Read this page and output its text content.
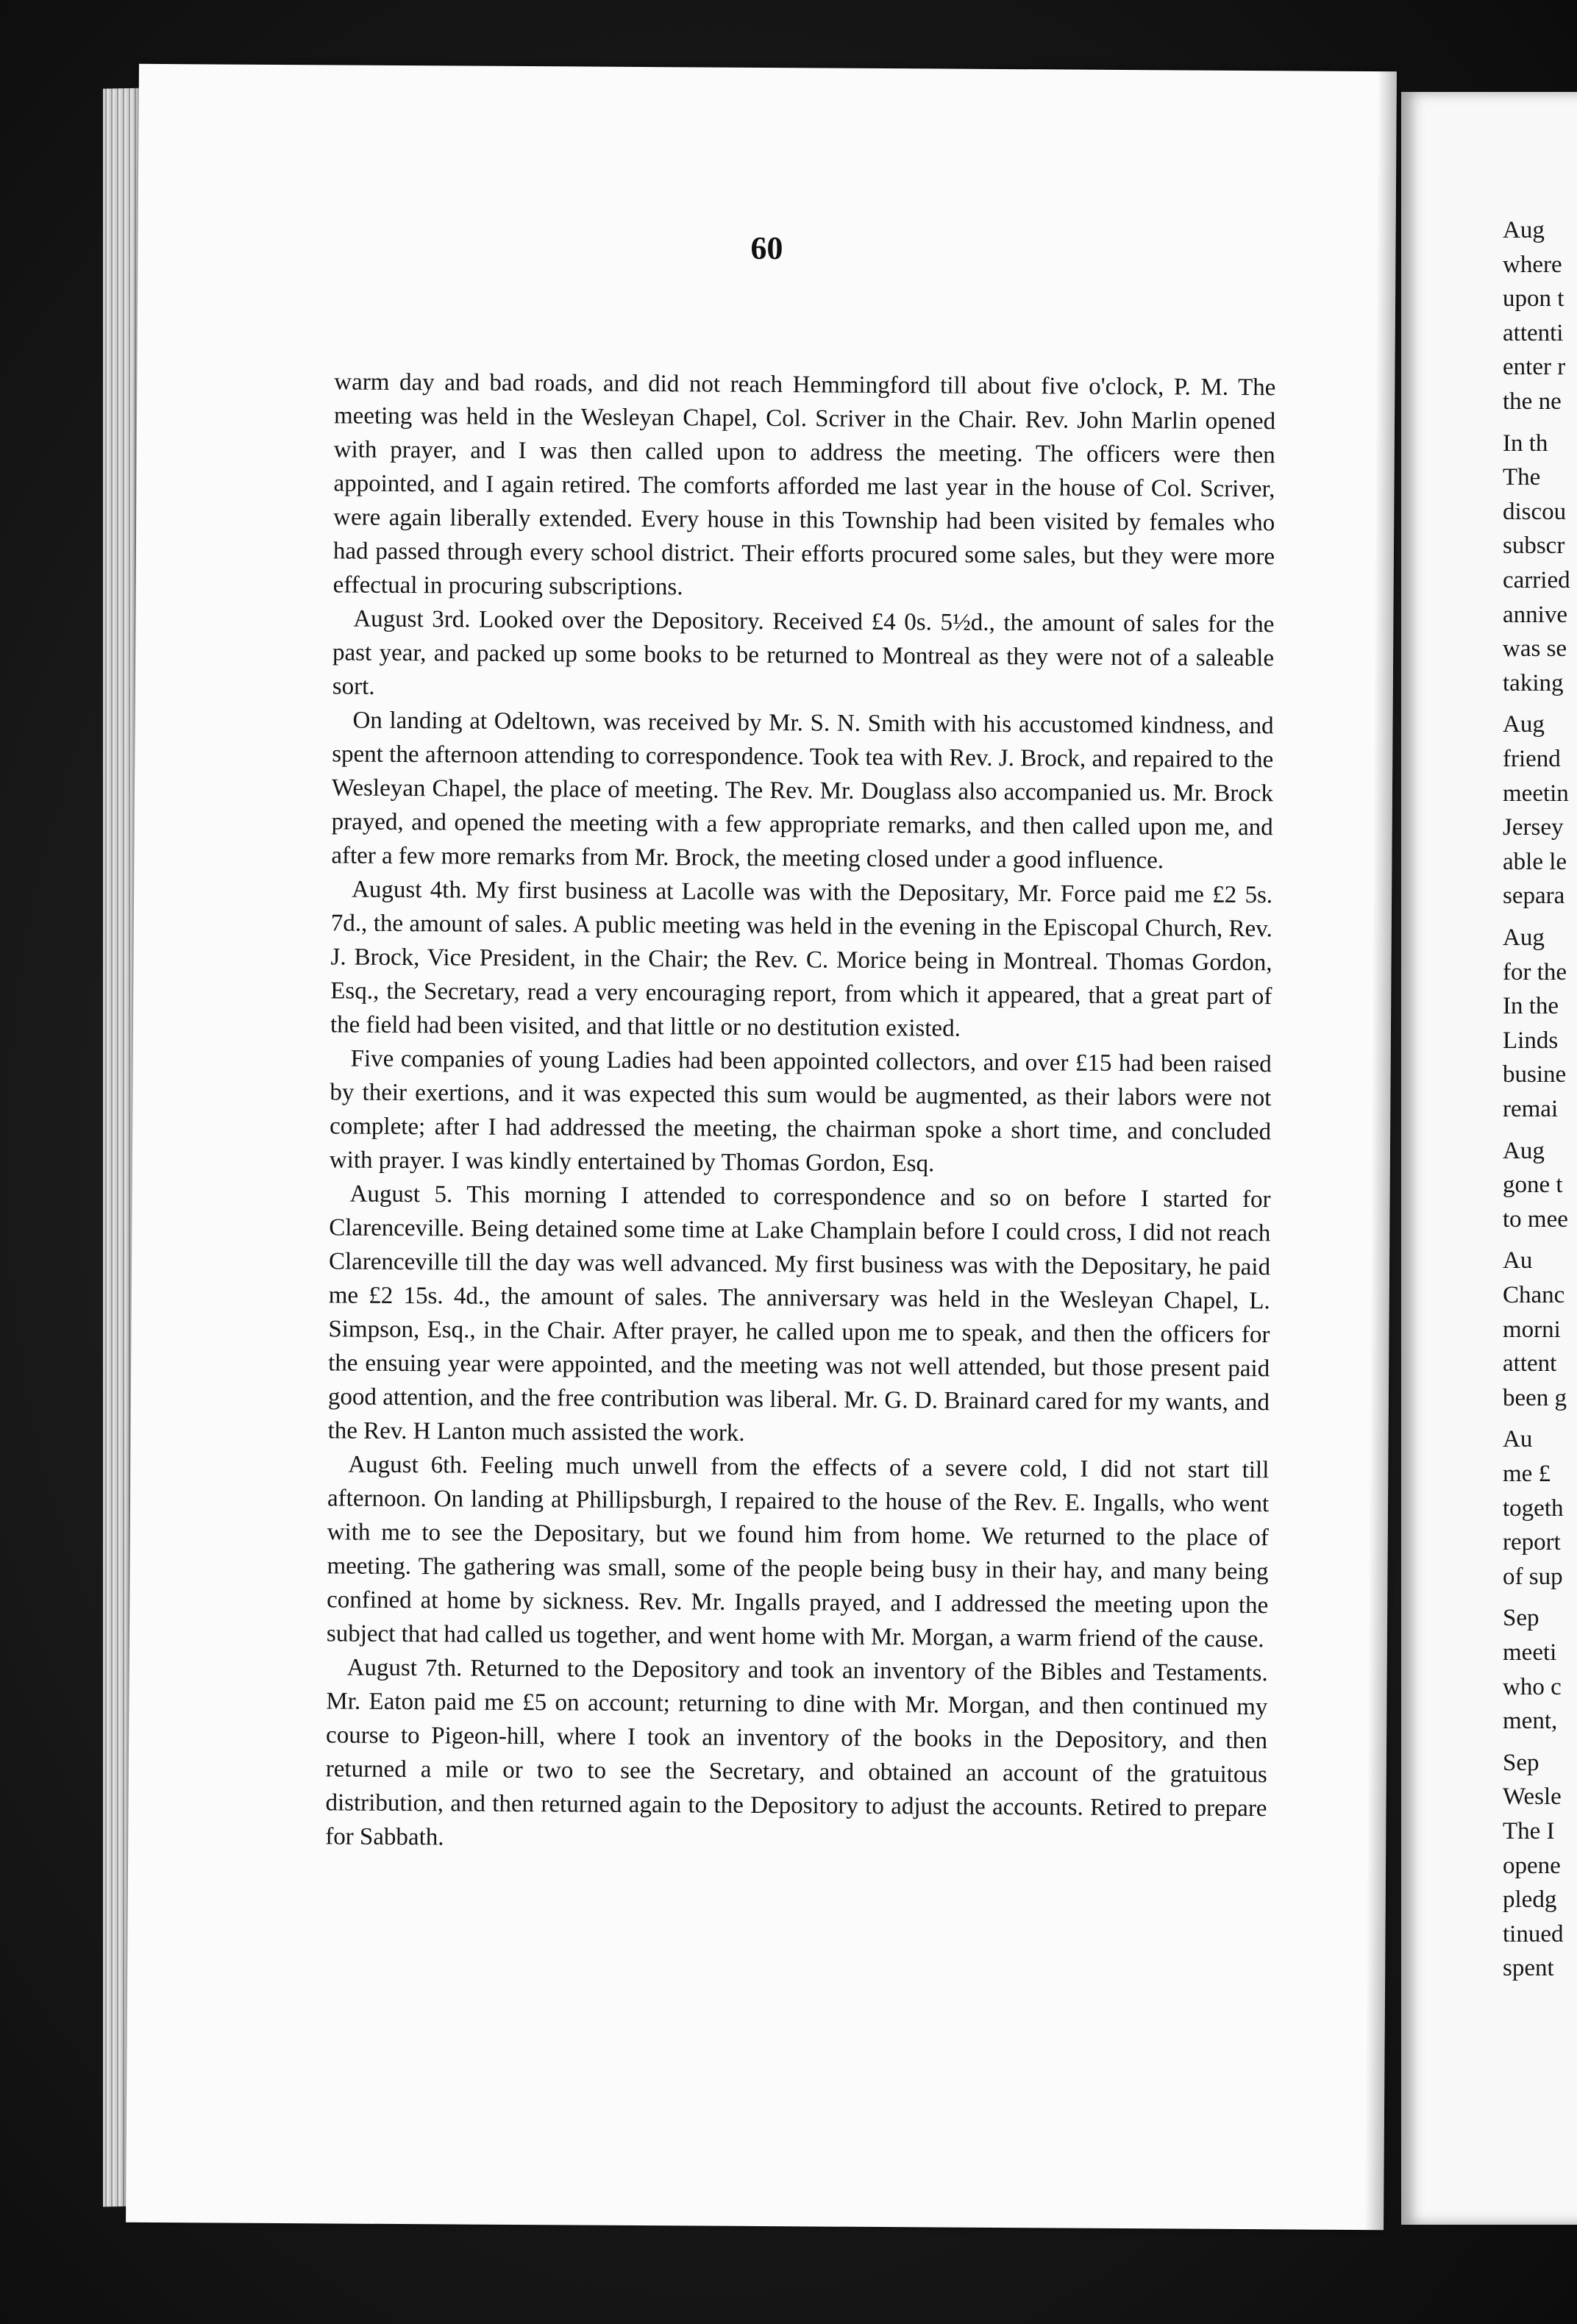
60

warm day and bad roads, and did not reach Hemmingford till about five o'clock, P. M. The meeting was held in the Wesleyan Chapel, Col. Scriver in the Chair. Rev. John Marlin opened with prayer, and I was then called upon to address the meeting. The officers were then appointed, and I again retired. The comforts afforded me last year in the house of Col. Scriver, were again liberally extended. Every house in this Township had been visited by females who had passed through every school district. Their efforts procured some sales, but they were more effectual in procuring subscriptions.

August 3rd. Looked over the Depository. Received £4 0s. 5½d., the amount of sales for the past year, and packed up some books to be returned to Montreal as they were not of a saleable sort.

On landing at Odeltown, was received by Mr. S. N. Smith with his accustomed kindness, and spent the afternoon attending to correspondence. Took tea with Rev. J. Brock, and repaired to the Wesleyan Chapel, the place of meeting. The Rev. Mr. Douglass also accompanied us. Mr. Brock prayed, and opened the meeting with a few appropriate remarks, and then called upon me, and after a few more remarks from Mr. Brock, the meeting closed under a good influence.

August 4th. My first business at Lacolle was with the Depositary, Mr. Force paid me £2 5s. 7d., the amount of sales. A public meeting was held in the evening in the Episcopal Church, Rev. J. Brock, Vice President, in the Chair; the Rev. C. Morice being in Montreal. Thomas Gordon, Esq., the Secretary, read a very encouraging report, from which it appeared, that a great part of the field had been visited, and that little or no destitution existed.

Five companies of young Ladies had been appointed collectors, and over £15 had been raised by their exertions, and it was expected this sum would be augmented, as their labors were not complete; after I had addressed the meeting, the chairman spoke a short time, and concluded with prayer. I was kindly entertained by Thomas Gordon, Esq.

August 5. This morning I attended to correspondence and so on before I started for Clarenceville. Being detained some time at Lake Champlain before I could cross, I did not reach Clarenceville till the day was well advanced. My first business was with the Depositary, he paid me £2 15s. 4d., the amount of sales. The anniversary was held in the Wesleyan Chapel, L. Simpson, Esq., in the Chair. After prayer, he called upon me to speak, and then the officers for the ensuing year were appointed, and the meeting was not well attended, but those present paid good attention, and the free contribution was liberal. Mr. G. D. Brainard cared for my wants, and the Rev. H Lanton much assisted the work.

August 6th. Feeling much unwell from the effects of a severe cold, I did not start till afternoon. On landing at Phillipsburgh, I repaired to the house of the Rev. E. Ingalls, who went with me to see the Depositary, but we found him from home. We returned to the place of meeting. The gathering was small, some of the people being busy in their hay, and many being confined at home by sickness. Rev. Mr. Ingalls prayed, and I addressed the meeting upon the subject that had called us together, and went home with Mr. Morgan, a warm friend of the cause.

August 7th. Returned to the Depository and took an inventory of the Bibles and Testaments. Mr. Eaton paid me £5 on account; returning to dine with Mr. Morgan, and then continued my course to Pigeon-hill, where I took an inventory of the books in the Depository, and then returned a mile or two to see the Secretary, and obtained an account of the gratuitous distribution, and then returned again to the Depository to adjust the accounts. Retired to prepare for Sabbath.

Aug
where
upon t
attenti
enter r
the ne
In th
The
discou
subscr
carried
annive
was se
taking
Aug
friend
meetin
Jersey
able le
separa
Aug
for the
In the
Linds
busine
remai
Aug
gone t
to mee
Au
Chanc
morni
attent
been g
Au
me £
togeth
report
of sup
Sep
meeti
who c
ment,
Sep
Wesle
The I
opene
pledg
tinued
spent
